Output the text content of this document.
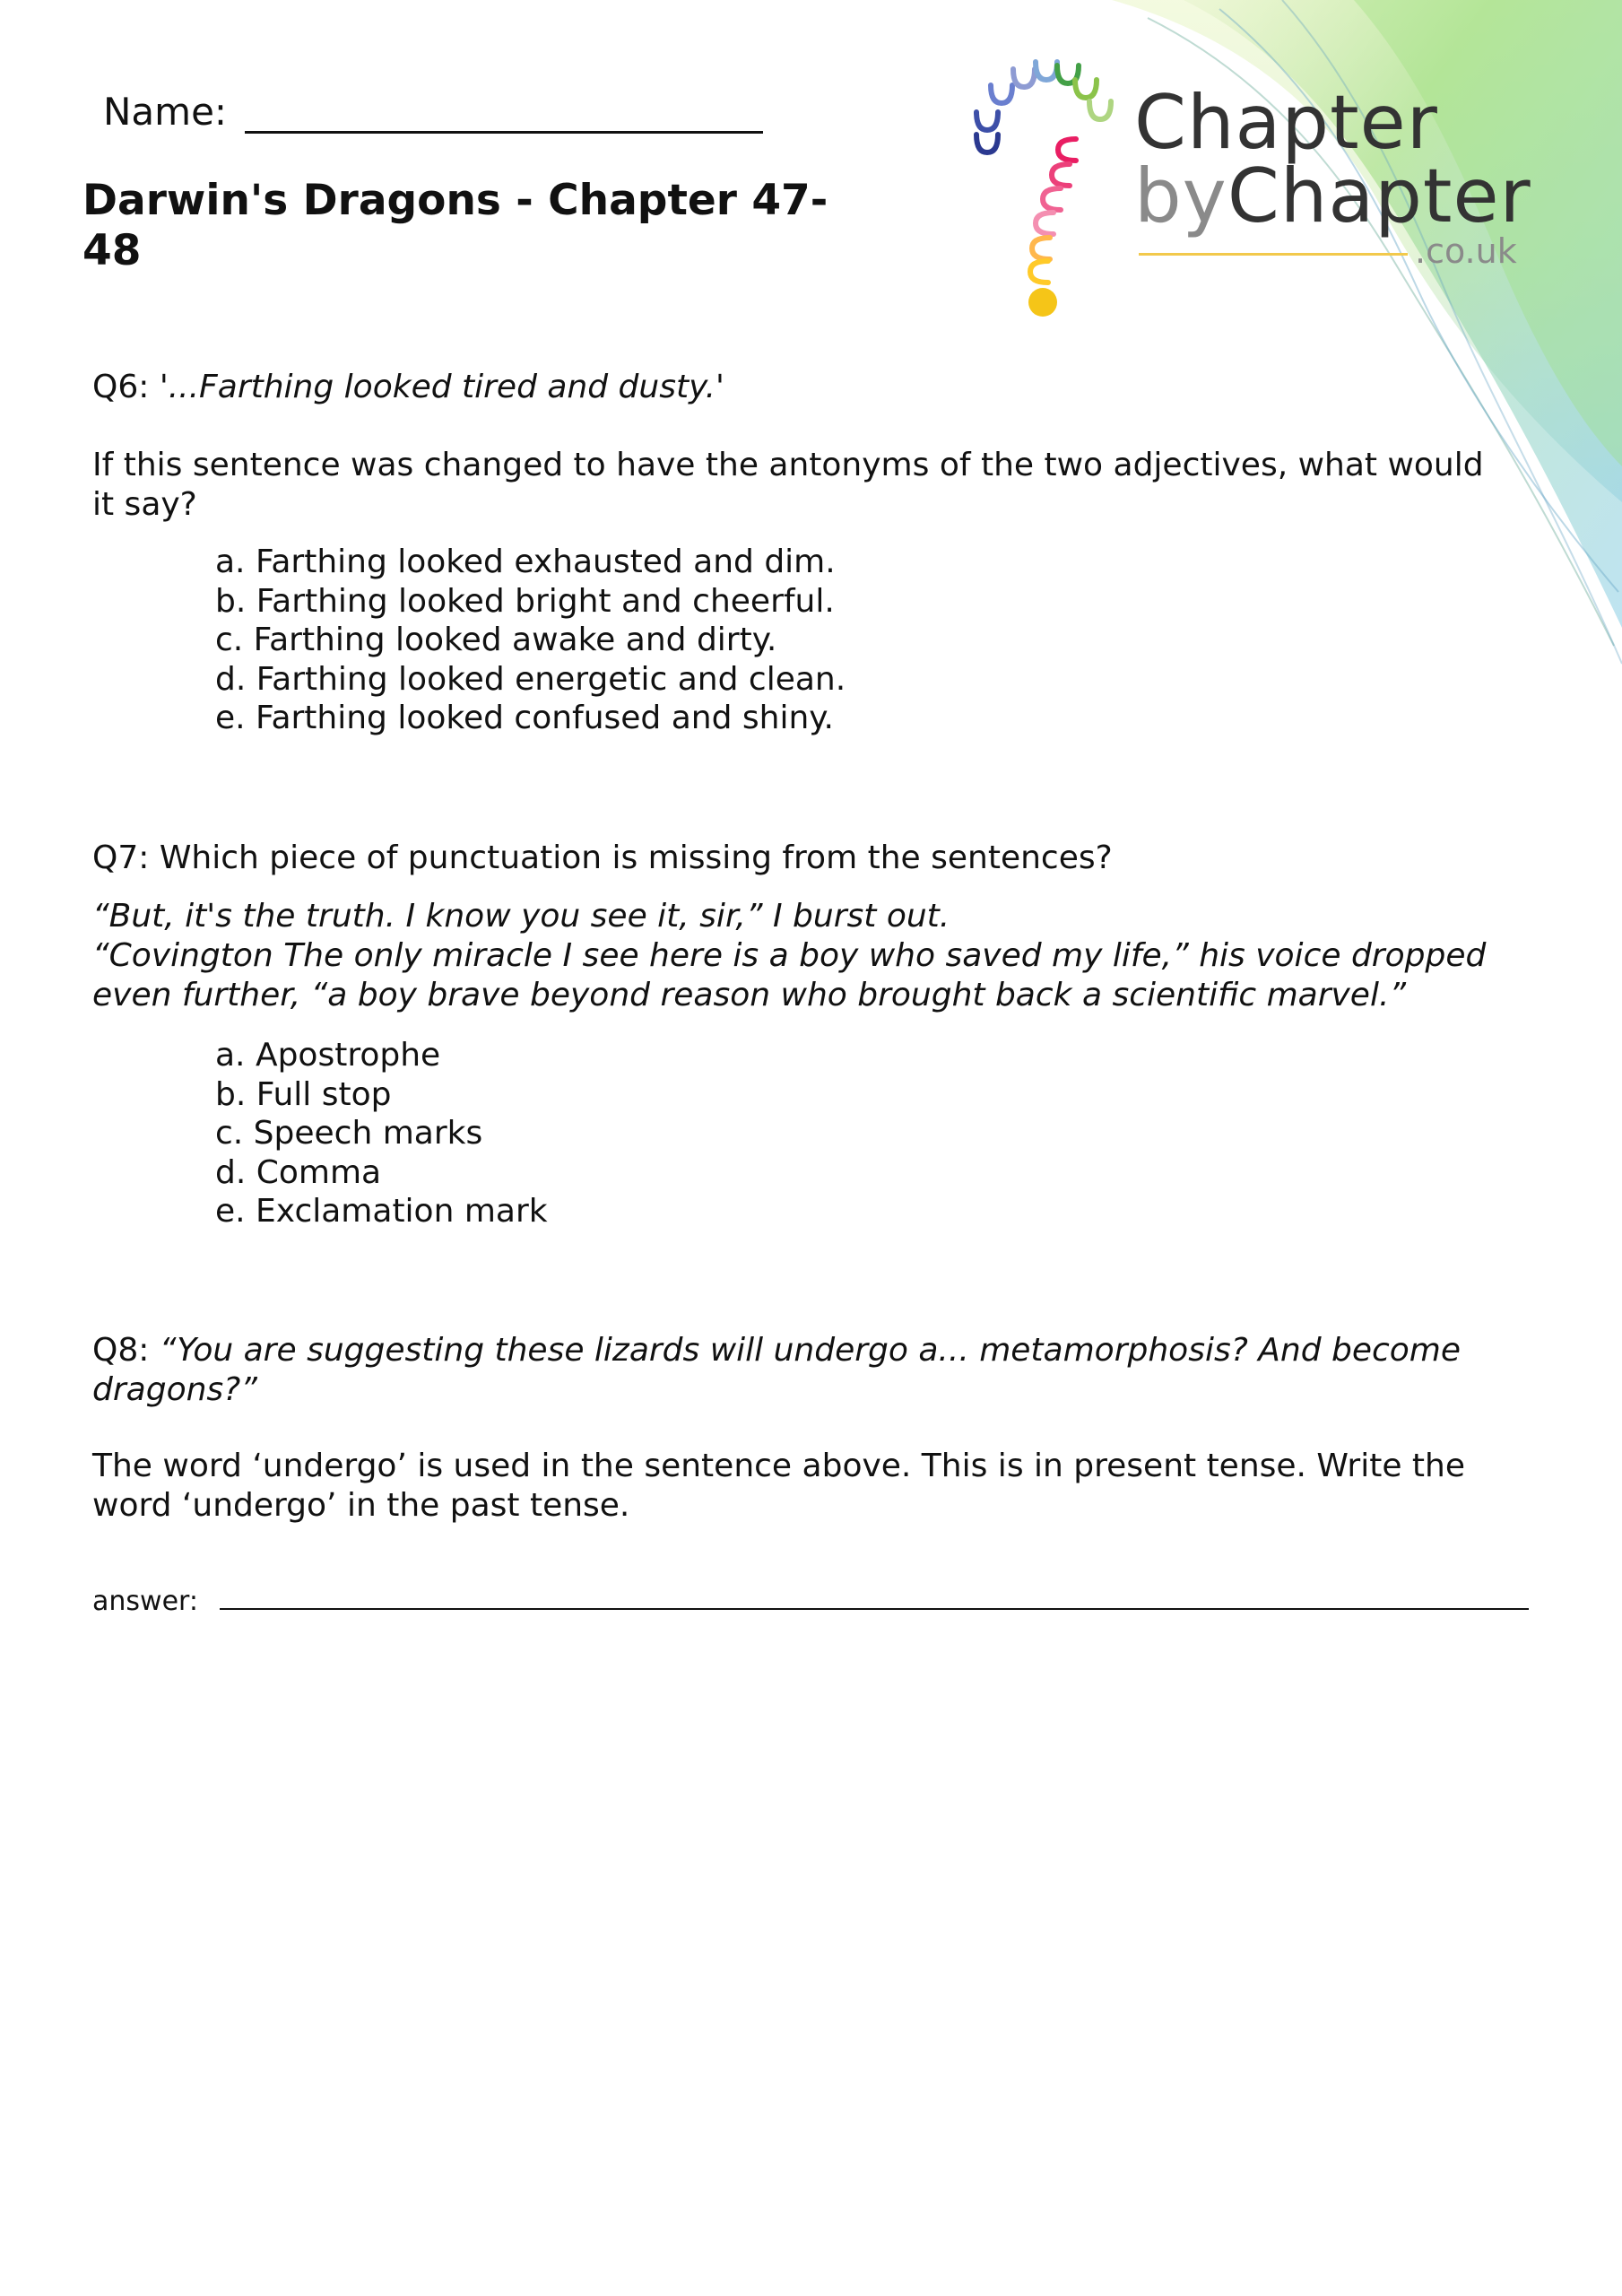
Name:
Darwin's Dragons - Chapter 47-48
Chapter
byChapter
.co.uk
Q6: '...Farthing looked tired and dusty.'
If this sentence was changed to have the antonyms of the two adjectives, what would it say?
a. Farthing looked exhausted and dim.
b. Farthing looked bright and cheerful.
c. Farthing looked awake and dirty.
d. Farthing looked energetic and clean.
e. Farthing looked confused and shiny.
Q7: Which piece of punctuation is missing from the sentences?
“But, it's the truth. I know you see it, sir,” I burst out.
“Covington The only miracle I see here is a boy who saved my life,” his voice dropped even further, “a boy brave beyond reason who brought back a scientific marvel.”
a. Apostrophe
b. Full stop
c. Speech marks
d. Comma
e. Exclamation mark
Q8: “You are suggesting these lizards will undergo a... metamorphosis? And become dragons?”
The word ‘undergo’ is used in the sentence above. This is in present tense. Write the word ‘undergo’ in the past tense.
answer:
